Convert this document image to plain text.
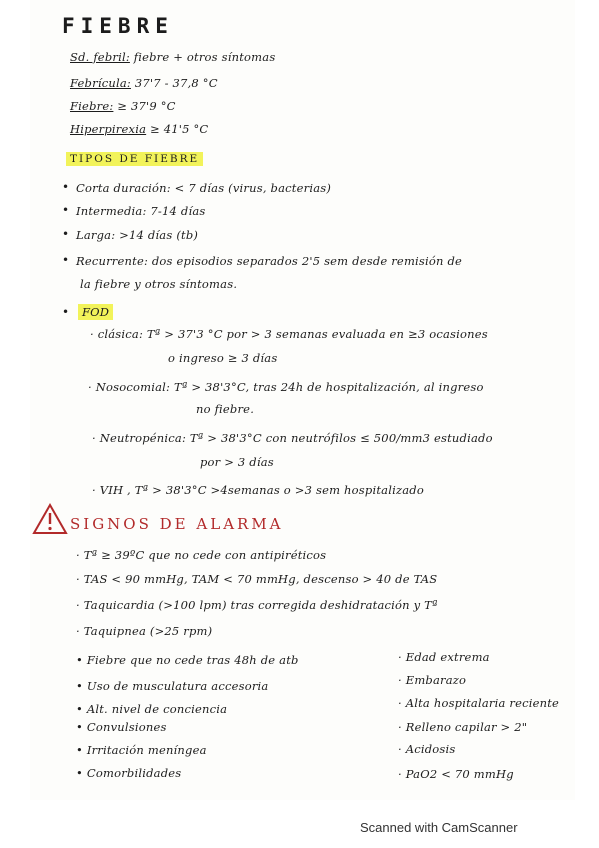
FIEBRE
Sd. febril: fiebre + otros síntomas
Febrícula: 37'7 - 37,8 °C
Fiebre: ≥ 37'9 °C
Hiperpirexia ≥ 41'5 °C
TIPOS DE FIEBRE
• Corta duración: < 7 días (virus, bacterias)
• Intermedia: 7-14 días
• Larga: >14 días (tb)
• Recurrente: dos episodios separados 2'5 sem desde remisión de
la fiebre y otros síntomas.
•	FOD
· clásica: Tª > 37'3 °C por > 3 semanas evaluada en ≥3 ocasiones
o ingreso ≥ 3 días
· Nosocomial: Tª > 38'3°C, tras 24h de hospitalización, al ingreso
no fiebre.
· Neutropénica: Tª > 38'3°C con neutrófilos ≤ 500/mm3 estudiado
por > 3 días
· VIH , Tª > 38'3°C >4semanas o >3 sem hospitalizado
SIGNOS DE ALARMA
· Tª ≥ 39ºC que no cede con antipiréticos
· TAS < 90 mmHg, TAM < 70 mmHg, descenso > 40 de TAS
· Taquicardia (>100 lpm) tras corregida deshidratación y Tª
· Taquipnea (>25 rpm)
• Fiebre que no cede tras 48h de atb
• Uso de musculatura accesoria
• Alt. nivel de conciencia
• Convulsiones
• Irritación meníngea
• Comorbilidades
· Edad extrema
· Embarazo
· Alta hospitalaria reciente
· Relleno capilar > 2"
· Acidosis
· PaO2 < 70 mmHg
Scanned with CamScanner
